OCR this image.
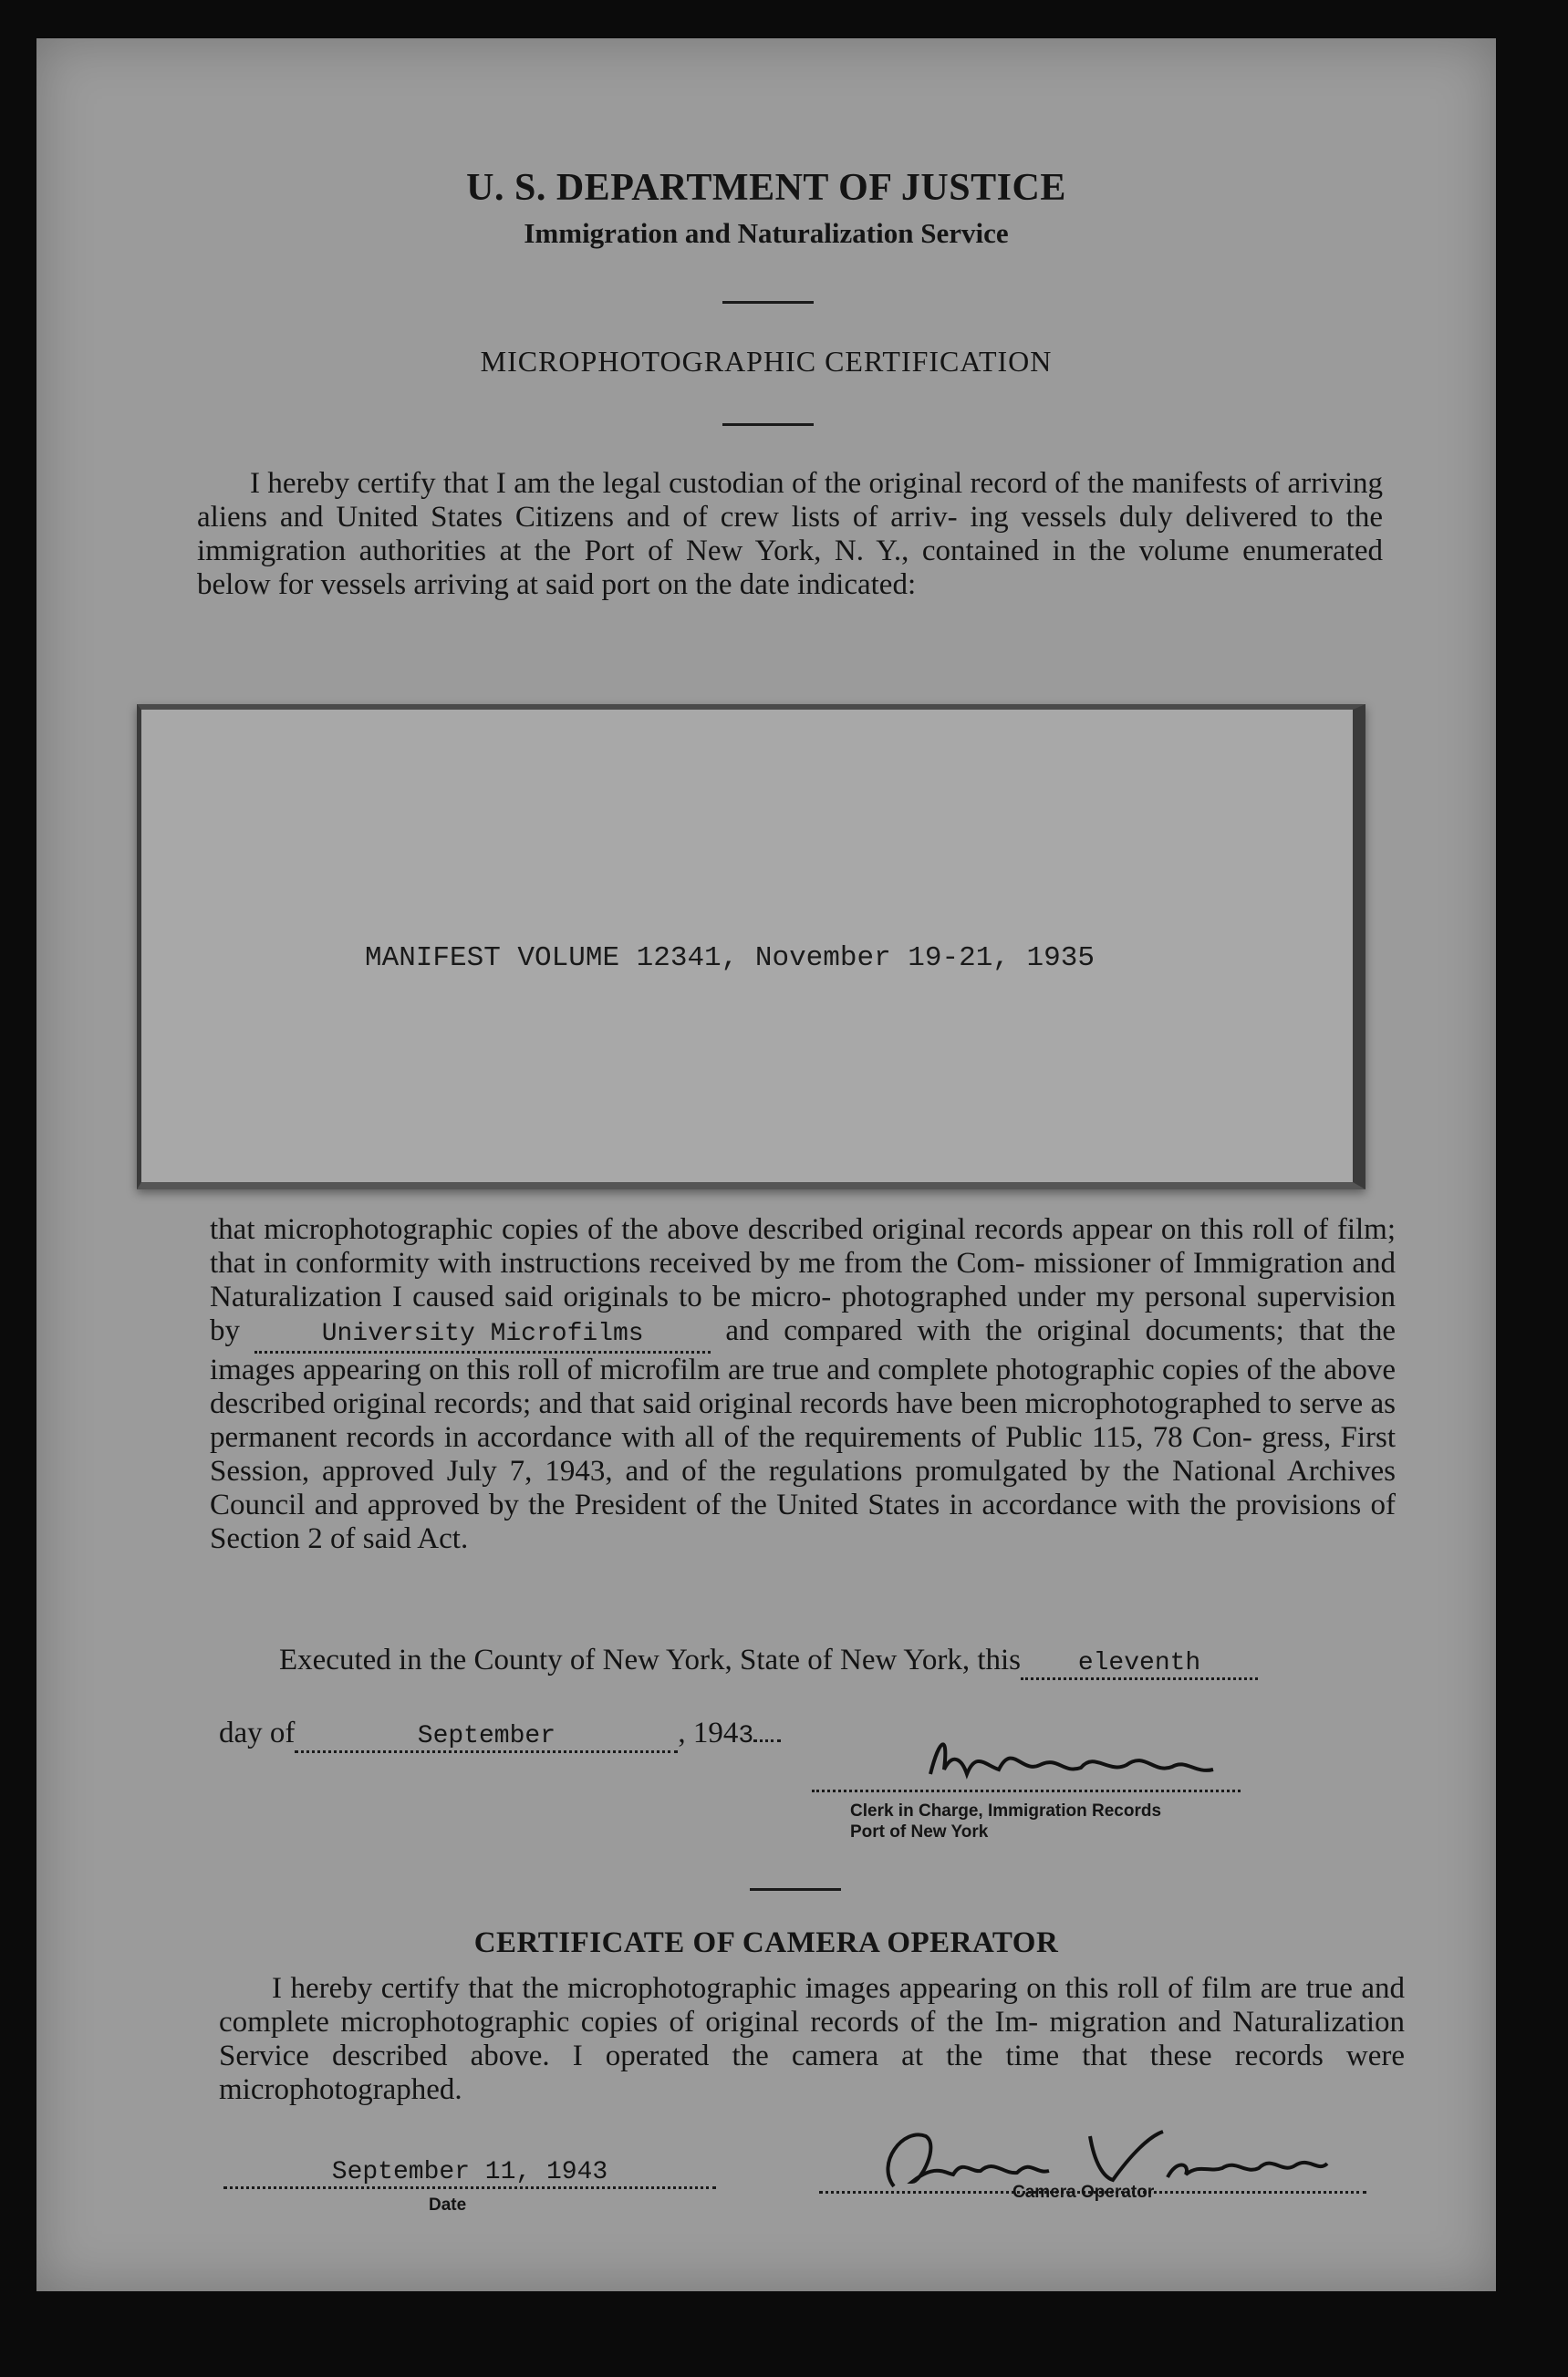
U. S. DEPARTMENT OF JUSTICE
Immigration and Naturalization Service
MICROPHOTOGRAPHIC CERTIFICATION
I hereby certify that I am the legal custodian of the original record of the manifests of arriving aliens and United States Citizens and of crew lists of arriv- ing vessels duly delivered to the immigration authorities at the Port of New York, N. Y., contained in the volume enumerated below for vessels arriving at said port on the date indicated:
MANIFEST VOLUME 12341, November 19-21, 1935
that microphotographic copies of the above described original records appear on this roll of film; that in conformity with instructions received by me from the Com- missioner of Immigration and Naturalization I caused said originals to be micro- photographed under my personal supervision by	University Microfilms	and compared with the original documents; that the images appearing on this roll of microfilm are true and complete photographic copies of the above described original records; and that said original records have been microphotographed to serve as permanent records in accordance with all of the requirements of Public 115, 78 Con- gress, First Session, approved July 7, 1943, and of the regulations promulgated by the National Archives Council and approved by the President of the United States in accordance with the provisions of Section 2 of said Act.
Executed in the County of New York, State of New York, this eleventh
day of	September	, 1943
Clerk in Charge, Immigration Records
Port of New York
CERTIFICATE OF CAMERA OPERATOR
I hereby certify that the microphotographic images appearing on this roll of film are true and complete microphotographic copies of original records of the Im- migration and Naturalization Service described above. I operated the camera at the time that these records were microphotographed.
September 11, 1943
Date
Camera Operator
